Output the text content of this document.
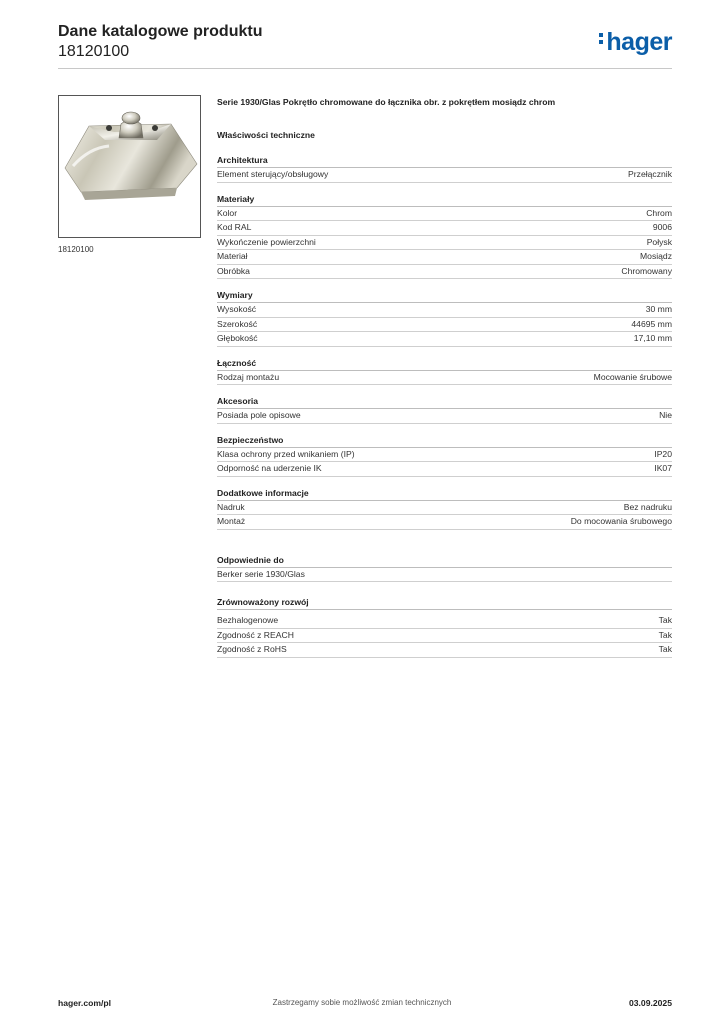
Dane katalogowe produktu
18120100	hager
18120100
Serie 1930/Glas Pokrętło chromowane do łącznika obr. z pokrętłem mosiądz chrom
Właściwości techniczne
Architektura
Element sterujący/obsługowy	Przełącznik
Materiały
Kolor	Chrom
Kod RAL	9006
Wykończenie powierzchni	Połysk
Materiał	Mosiądz
Obróbka	Chromowany
Wymiary
Wysokość	30 mm
Szerokość	44695 mm
Głębokość	17,10 mm
Łączność
Rodzaj montażu	Mocowanie śrubowe
Akcesoria
Posiada pole opisowe	Nie
Bezpieczeństwo
Klasa ochrony przed wnikaniem (IP)	IP20
Odporność na uderzenie IK	IK07
Dodatkowe informacje
Nadruk	Bez nadruku
Montaż	Do mocowania śrubowego
Odpowiednie do
Berker serie 1930/Glas
Zrównoważony rozwój
Bezhalogenowe	Tak
Zgodność z REACH	Tak
Zgodność z RoHS	Tak
hager.com/pl	Zastrzegamy sobie możliwość zmian technicznych	03.09.2025
